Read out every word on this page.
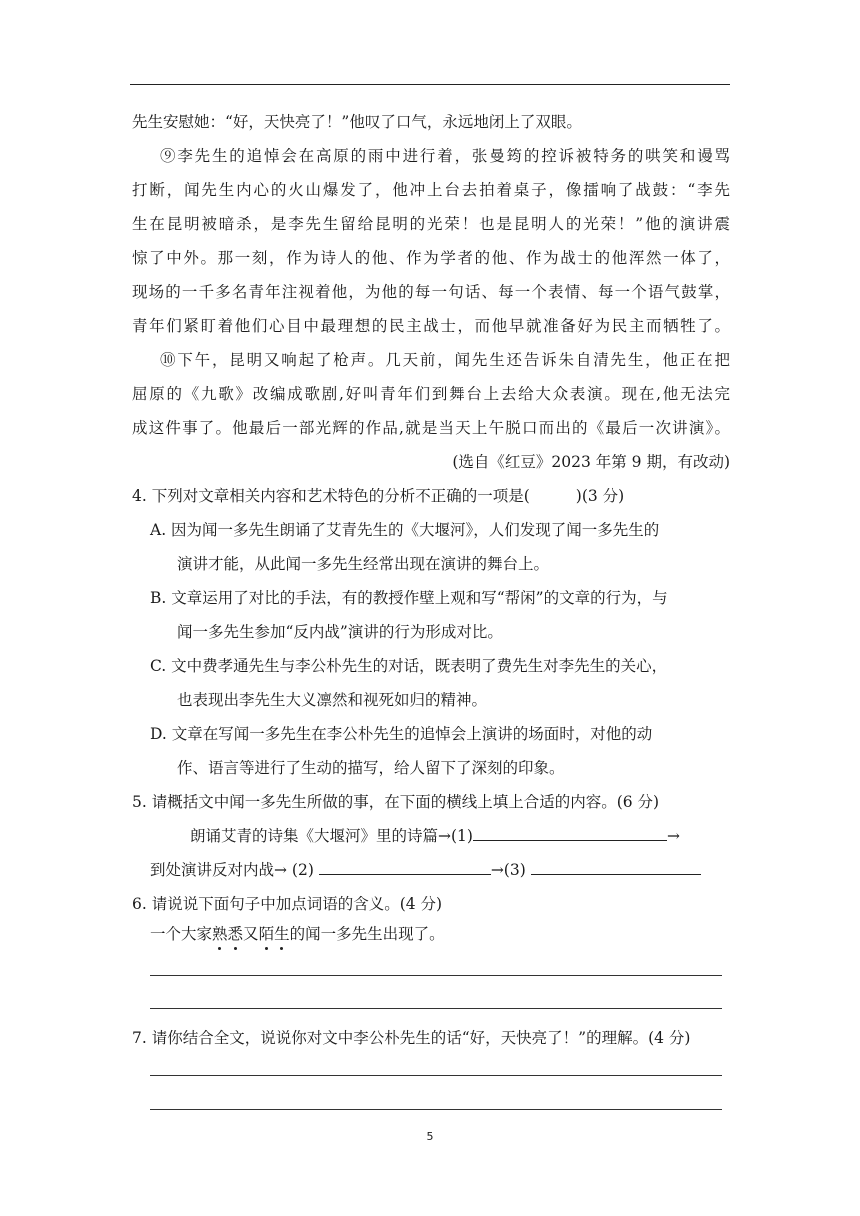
先生安慰她：“好，天快亮了！”他叹了口气，永远地闭上了双眼。
⑨李先生的追悼会在高原的雨中进行着，张曼筠的控诉被特务的哄笑和谩骂
打断，闻先生内心的火山爆发了，他冲上台去拍着桌子，像擂响了战鼓：“李先
生在昆明被暗杀，是李先生留给昆明的光荣！也是昆明人的光荣！”他的演讲震
惊了中外。那一刻，作为诗人的他、作为学者的他、作为战士的他浑然一体了，
现场的一千多名青年注视着他，为他的每一句话、每一个表情、每一个语气鼓掌，
青年们紧盯着他们心目中最理想的民主战士，而他早就准备好为民主而牺牲了。
⑩下午，昆明又响起了枪声。几天前，闻先生还告诉朱自清先生，他正在把
屈原的《九歌》改编成歌剧,好叫青年们到舞台上去给大众表演。现在,他无法完
成这件事了。他最后一部光辉的作品,就是当天上午脱口而出的《最后一次讲演》。
(选自《红豆》2023 年第 9 期，有改动)
4. 下列对文章相关内容和艺术特色的分析不正确的一项是(	)(3 分)
A. 因为闻一多先生朗诵了艾青先生的《大堰河》，人们发现了闻一多先生的
演讲才能，从此闻一多先生经常出现在演讲的舞台上。
B. 文章运用了对比的手法，有的教授作壁上观和写“帮闲”的文章的行为，与
闻一多先生参加“反内战”演讲的行为形成对比。
C. 文中费孝通先生与李公朴先生的对话，既表明了费先生对李先生的关心，
也表现出李先生大义凛然和视死如归的精神。
D. 文章在写闻一多先生在李公朴先生的追悼会上演讲的场面时，对他的动
作、语言等进行了生动的描写，给人留下了深刻的印象。
5. 请概括文中闻一多先生所做的事，在下面的横线上填上合适的内容。(6 分)
朗诵艾青的诗集《大堰河》里的诗篇→(1)	→
到处演讲反对内战→ (2)	→(3)
6. 请说说下面句子中加点词语的含义。(4 分)
一个大家熟悉又陌生的闻一多先生出现了。
7. 请你结合全文，说说你对文中李公朴先生的话“好，天快亮了！”的理解。(4 分)
5
